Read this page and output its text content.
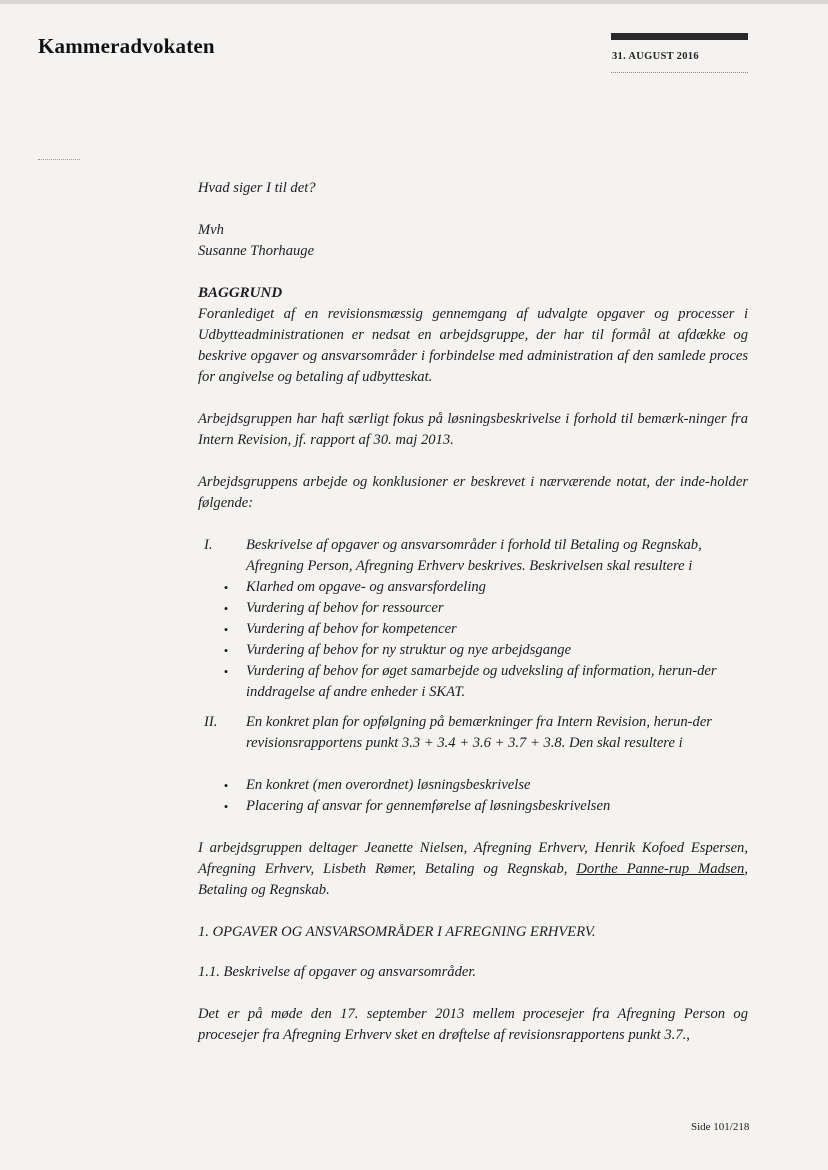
Kammeradvokaten	31. AUGUST 2016
Hvad siger I til det?
Mvh
Susanne Thorhauge
BAGGRUND
Foranlediget af en revisionsmæssig gennemgang af udvalgte opgaver og processer i Udbytteadministrationen er nedsat en arbejdsgruppe, der har til formål at afdække og beskrive opgaver og ansvarsområder i forbindelse med administration af den samlede proces for angivelse og betaling af udbytteskat.
Arbejdsgruppen har haft særligt fokus på løsningsbeskrivelse i forhold til bemærk-ninger fra Intern Revision, jf. rapport af 30. maj 2013.
Arbejdsgruppens arbejde og konklusioner er beskrevet i nærværende notat, der inde-holder følgende:
I. Beskrivelse af opgaver og ansvarsområder i forhold til Betaling og Regnskab, Afregning Person, Afregning Erhverv beskrives. Beskrivelsen skal resultere i
• Klarhed om opgave- og ansvarsfordeling
• Vurdering af behov for ressourcer
• Vurdering af behov for kompetencer
• Vurdering af behov for ny struktur og nye arbejdsgange
• Vurdering af behov for øget samarbejde og udveksling af information, herun-der inddragelse af andre enheder i SKAT.
II. En konkret plan for opfølgning på bemærkninger fra Intern Revision, herun-der revisionsrapportens punkt 3.3 + 3.4 + 3.6 + 3.7 + 3.8. Den skal resultere i
• En konkret (men overordnet) løsningsbeskrivelse
• Placering af ansvar for gennemførelse af løsningsbeskrivelsen
I arbejdsgruppen deltager Jeanette Nielsen, Afregning Erhverv, Henrik Kofoed Espersen, Afregning Erhverv, Lisbeth Rømer, Betaling og Regnskab, Dorthe Panne-rup Madsen, Betaling og Regnskab.
1. OPGAVER OG ANSVARSOMRÅDER I AFREGNING ERHVERV.
1.1. Beskrivelse af opgaver og ansvarsområder.
Det er på møde den 17. september 2013 mellem procesejer fra Afregning Person og procesejer fra Afregning Erhverv sket en drøftelse af revisionsrapportens punkt 3.7.,
Side 101/218
